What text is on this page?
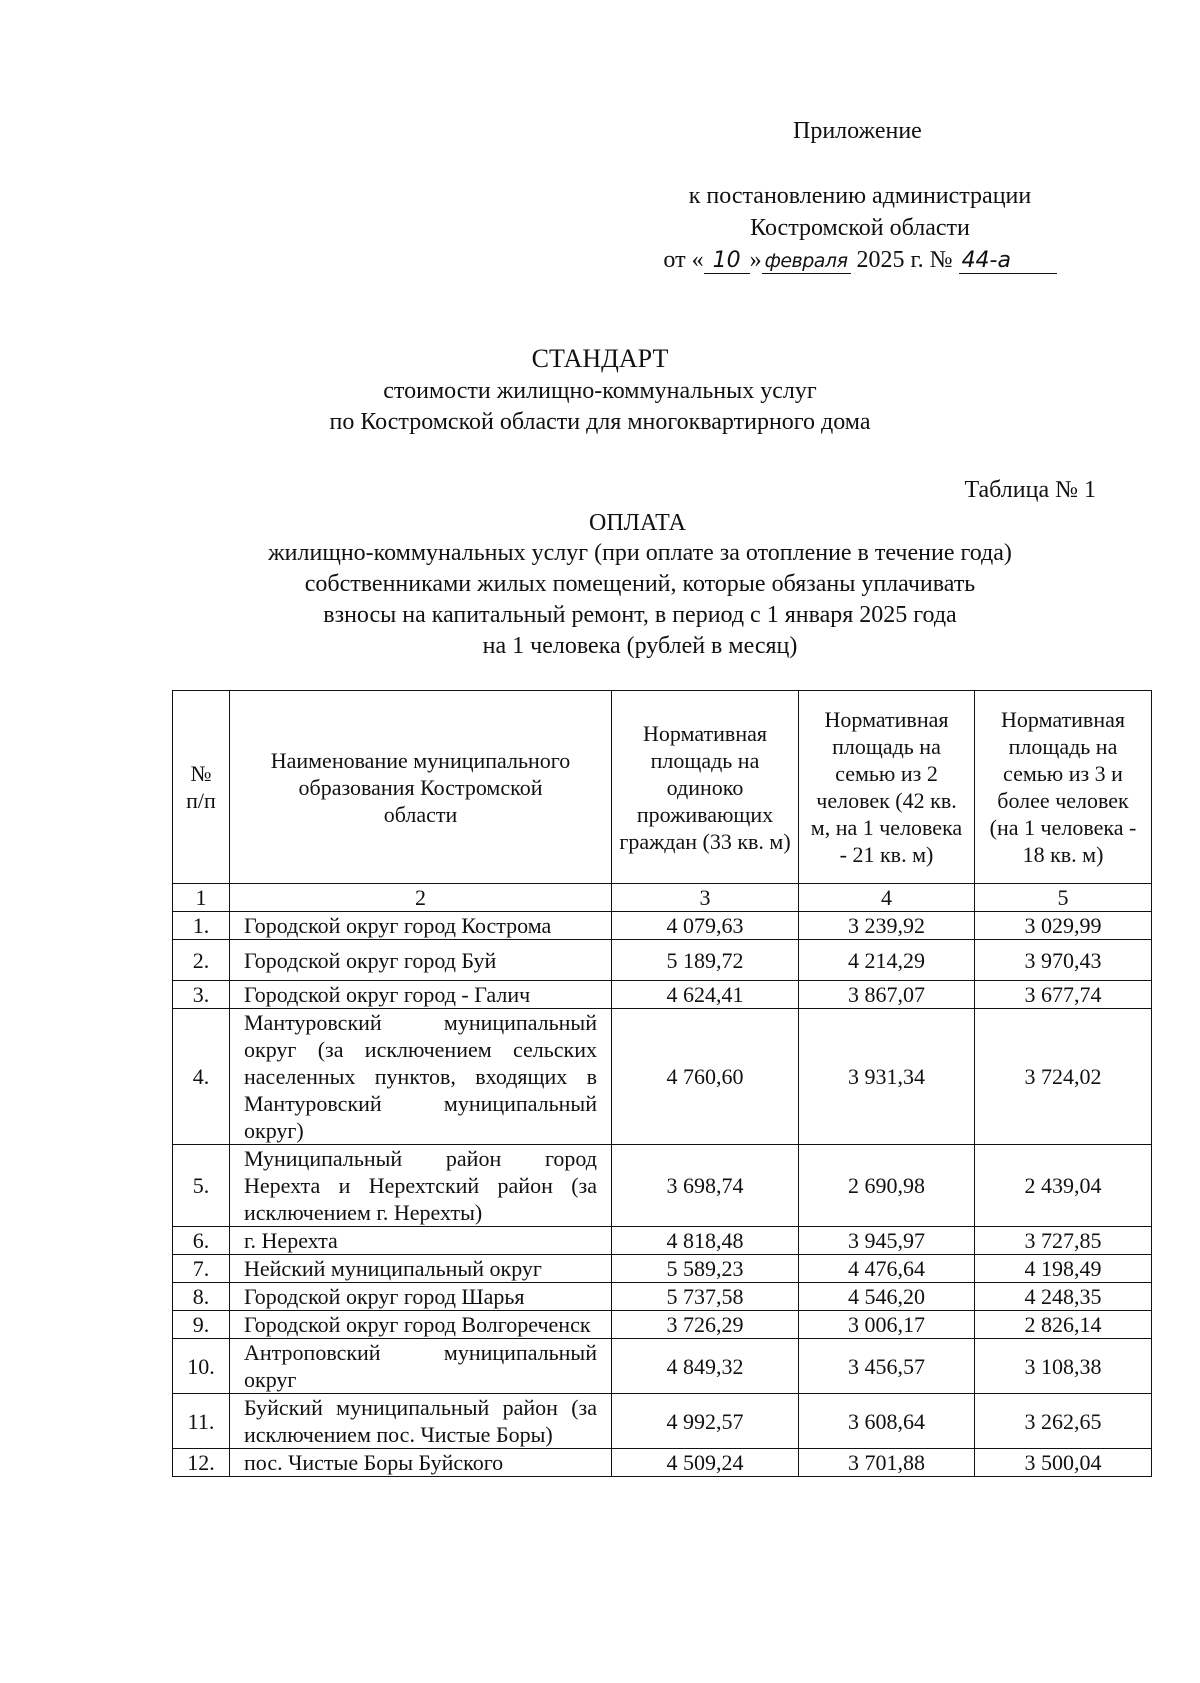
Приложение
к постановлению администрации
Костромской области
от « 10 » февраля 2025 г. № 44-а
СТАНДАРТ
стоимости жилищно-коммунальных услуг
по Костромской области для многоквартирного дома
Таблица № 1
ОПЛАТА
жилищно-коммунальных услуг (при оплате за отопление в течение года)
собственниками жилых помещений, которые обязаны уплачивать
взносы на капитальный ремонт, в период с 1 января 2025 года
на 1 человека (рублей в месяц)
№ п/п	Наименование муниципального образования Костромской области	Нормативная площадь на одиноко проживающих граждан (33 кв. м)	Нормативная площадь на семью из 2 человек (42 кв. м, на 1 человека - 21 кв. м)	Нормативная площадь на семью из 3 и более человек (на 1 человека - 18 кв. м)
1	2	3	4	5
1.	Городской округ город Кострома	4 079,63	3 239,92	3 029,99
2.	Городской округ город Буй	5 189,72	4 214,29	3 970,43
3.	Городской округ город - Галич	4 624,41	3 867,07	3 677,74
4.	Мантуровский муниципальный округ (за исключением сельских населенных пунктов, входящих в Мантуровский муниципальный округ)	4 760,60	3 931,34	3 724,02
5.	Муниципальный район город Нерехта и Нерехтский район (за исключением г. Нерехты)	3 698,74	2 690,98	2 439,04
6.	г. Нерехта	4 818,48	3 945,97	3 727,85
7.	Нейский муниципальный округ	5 589,23	4 476,64	4 198,49
8.	Городской округ город Шарья	5 737,58	4 546,20	4 248,35
9.	Городской округ город Волгореченск	3 726,29	3 006,17	2 826,14
10.	Антроповский муниципальный округ	4 849,32	3 456,57	3 108,38
11.	Буйский муниципальный район (за исключением пос. Чистые Боры)	4 992,57	3 608,64	3 262,65
12.	пос. Чистые Боры Буйского	4 509,24	3 701,88	3 500,04
